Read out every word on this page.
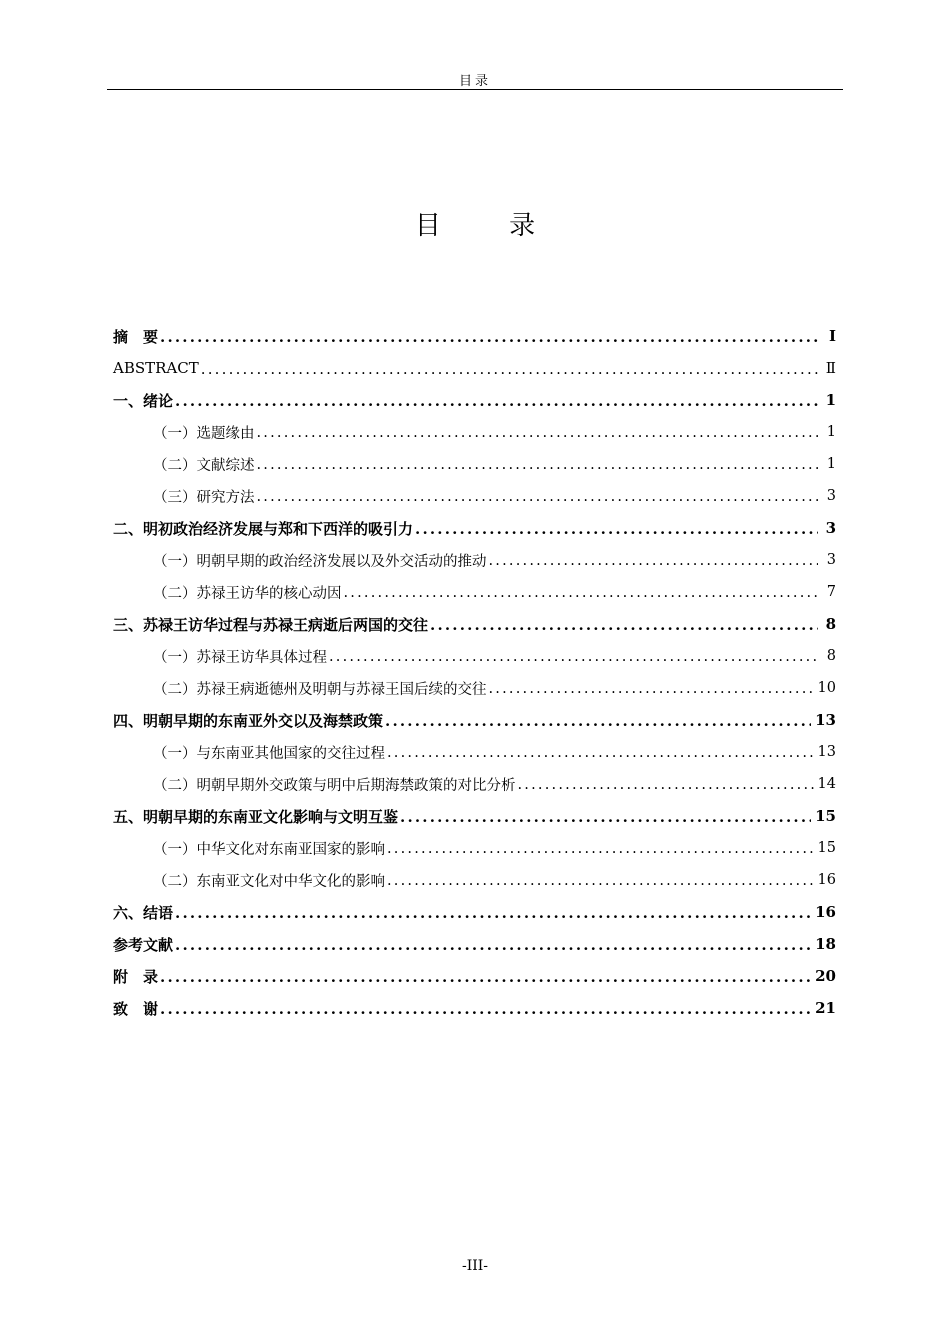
目录
目 录
摘　要 .....	Ⅰ
ABSTRACT .....	Ⅱ
一、绪论 .....	1
（一）选题缘由 .....	1
（二）文献综述 .....	1
（三）研究方法 .....	3
二、明初政治经济发展与郑和下西洋的吸引力 .....	3
（一）明朝早期的政治经济发展以及外交活动的推动 .....	3
（二）苏禄王访华的核心动因 .....	7
三、苏禄王访华过程与苏禄王病逝后两国的交往 .....	8
（一）苏禄王访华具体过程 .....	8
（二）苏禄王病逝德州及明朝与苏禄王国后续的交往 .....	10
四、明朝早期的东南亚外交以及海禁政策 .....	13
（一）与东南亚其他国家的交往过程 .....	13
（二）明朝早期外交政策与明中后期海禁政策的对比分析 .....	14
五、明朝早期的东南亚文化影响与文明互鉴 .....	15
（一）中华文化对东南亚国家的影响 .....	15
（二）东南亚文化对中华文化的影响 .....	16
六、结语 .....	16
参考文献 .....	18
附　录 .....	20
致　谢 .....	21
-III-
